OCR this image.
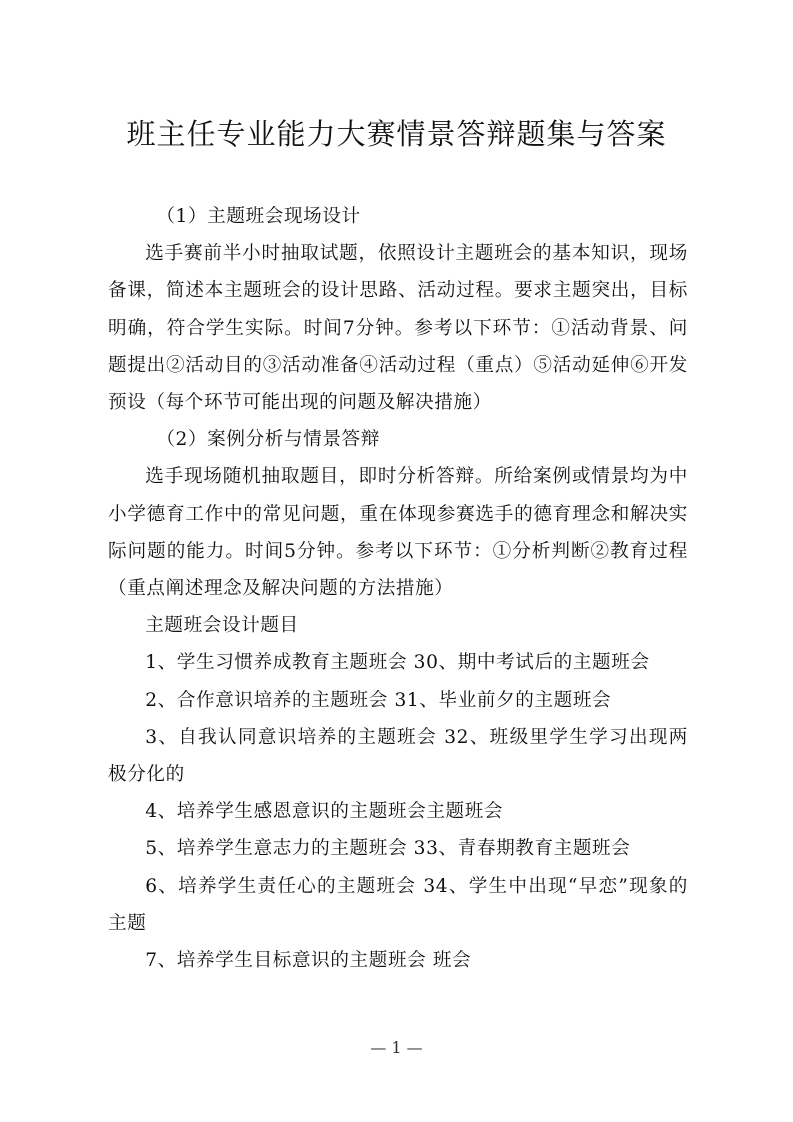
班主任专业能力大赛情景答辩题集与答案

（1）主题班会现场设计

选手赛前半小时抽取试题，依照设计主题班会的基本知识，现场备课，简述本主题班会的设计思路、活动过程。要求主题突出，目标明确，符合学生实际。时间7分钟。参考以下环节：①活动背景、问题提出②活动目的③活动准备④活动过程（重点）⑤活动延伸⑥开发预设（每个环节可能出现的问题及解决措施）

（2）案例分析与情景答辩

选手现场随机抽取题目，即时分析答辩。所给案例或情景均为中小学德育工作中的常见问题，重在体现参赛选手的德育理念和解决实际问题的能力。时间5分钟。参考以下环节：①分析判断②教育过程（重点阐述理念及解决问题的方法措施）

主题班会设计题目

1、学生习惯养成教育主题班会 30、期中考试后的主题班会

2、合作意识培养的主题班会 31、毕业前夕的主题班会

3、自我认同意识培养的主题班会 32、班级里学生学习出现两极分化的

4、培养学生感恩意识的主题班会主题班会

5、培养学生意志力的主题班会 33、青春期教育主题班会

6、培养学生责任心的主题班会 34、学生中出现“早恋”现象的主题

7、培养学生目标意识的主题班会 班会

— 1 —
